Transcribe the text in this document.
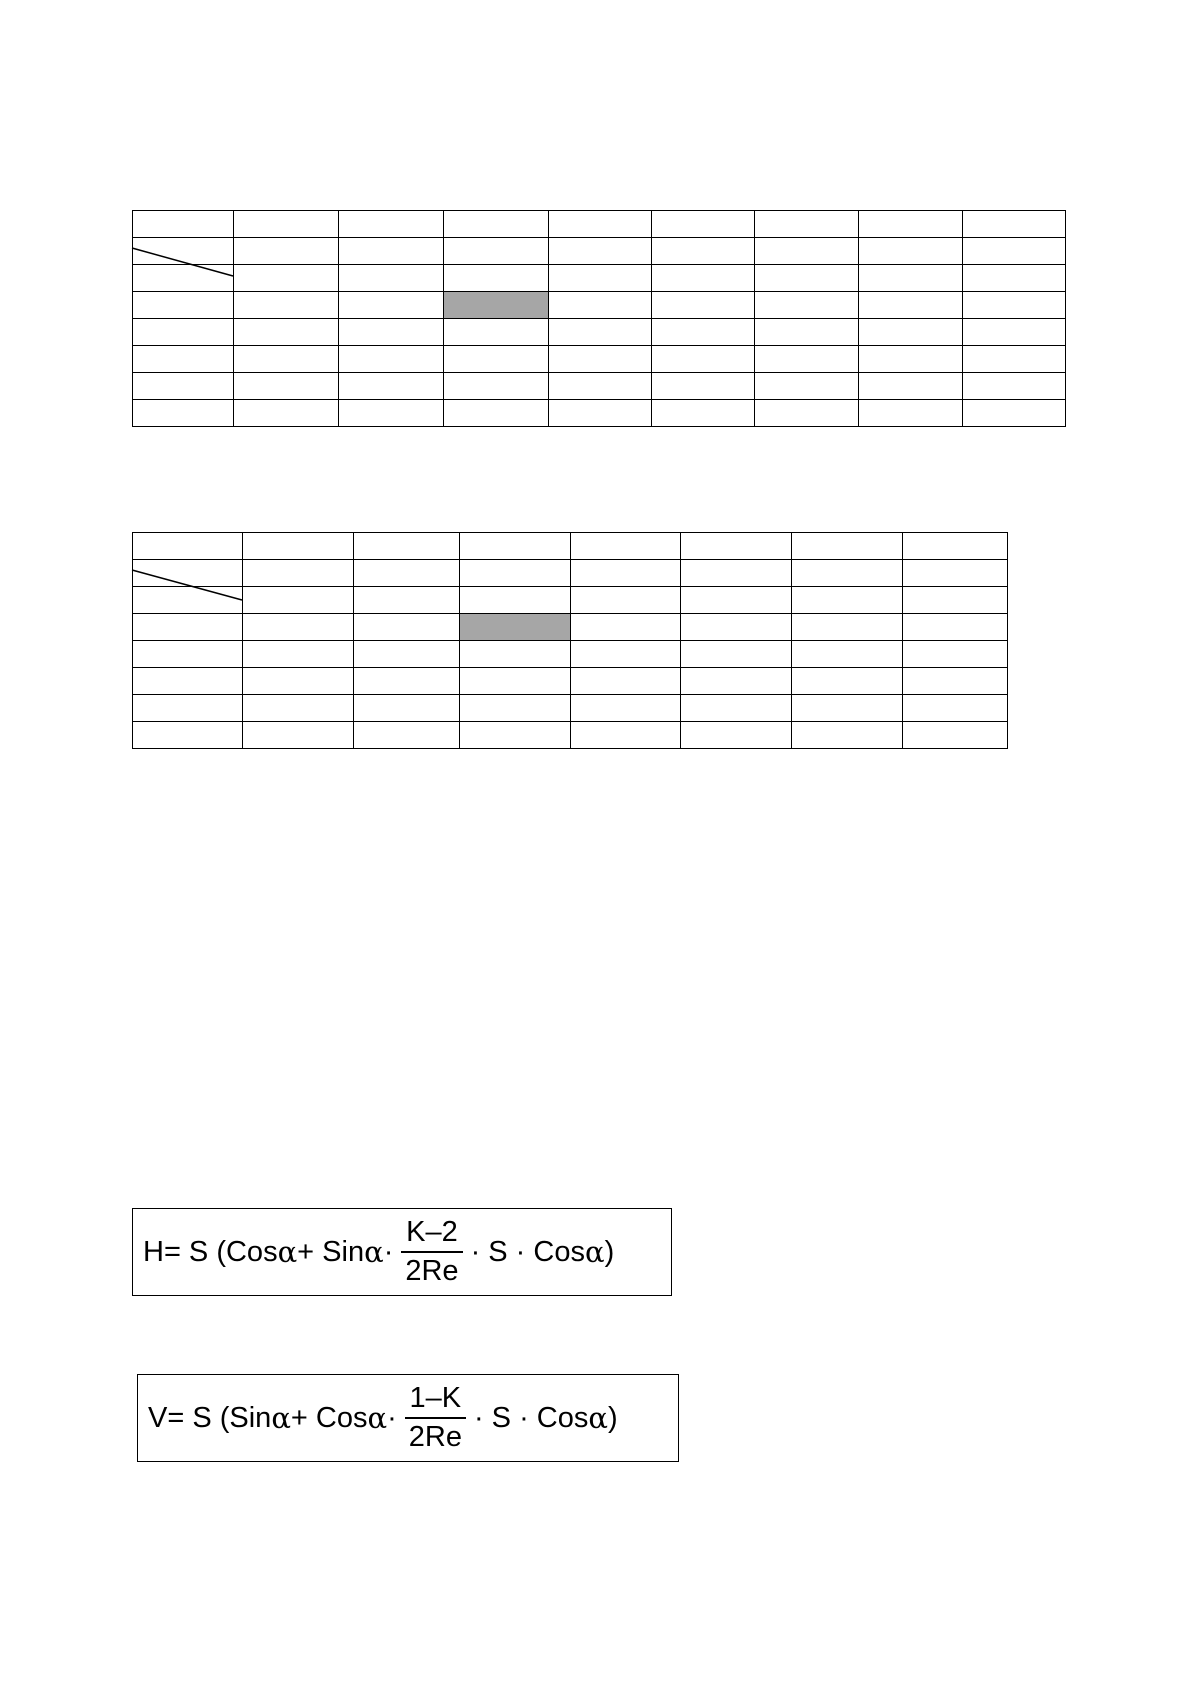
H= S (Cos α + Sin $\alpha \cdot \frac{K-2}{2Re} \cdot S$ · Cos α )
V= S (Sin α + Cos $\alpha \cdot \frac{1-K}{2Re} \cdot S$ · Cos α )
